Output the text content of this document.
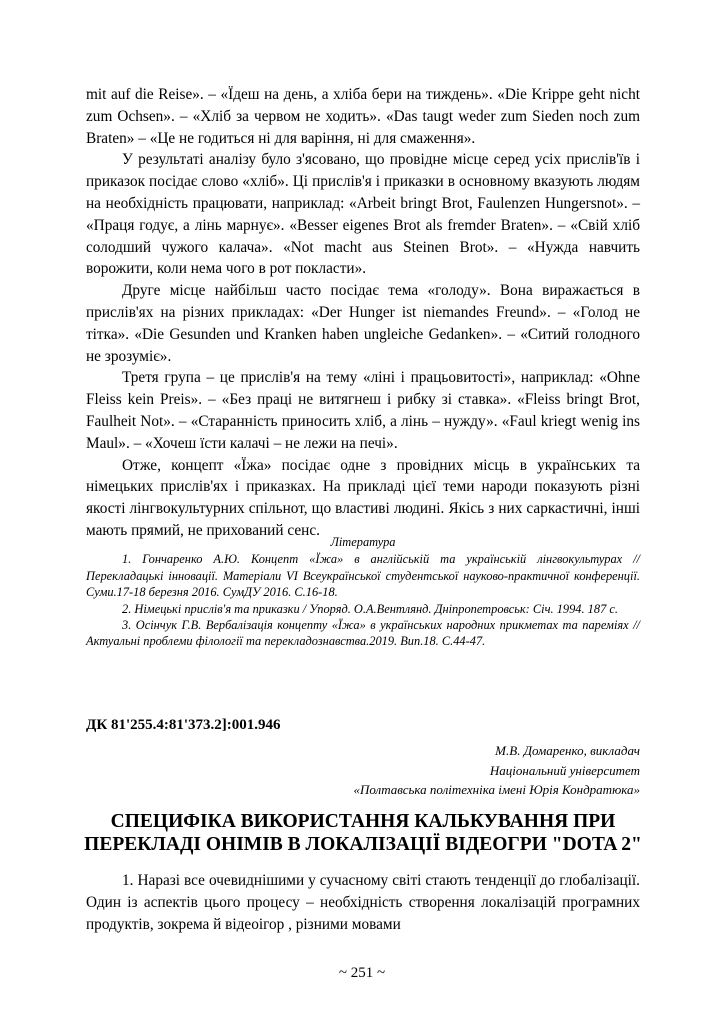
mit auf die Reise». – «Їдеш на день, а хліба бери на тиждень». «Die Krippe geht nicht zum Ochsen». – «Хліб за червом не ходить». «Das taugt weder zum Sieden noch zum Braten» – «Це не годиться ні для варіння, ні для смаження».

У результаті аналізу було з'ясовано, що провідне місце серед усіх прислів'їв і приказок посідає слово «хліб». Ці прислів'я і приказки в основному вказують людям на необхідність працювати, наприклад: «Arbeit bringt Brot, Faulenzen Hungersnot». – «Праця годує, а лінь марнує». «Besser eigenes Brot als fremder Braten». – «Свій хліб солодший чужого калача». «Not macht aus Steinen Brot». – «Нужда навчить ворожити, коли нема чого в рот покласти».

Друге місце найбільш часто посідає тема «голоду». Вона виражається в прислів'ях на різних прикладах: «Der Hunger ist niemandes Freund». – «Голод не тітка». «Die Gesunden und Kranken haben ungleiche Gedanken». – «Ситий голодного не зрозуміє».

Третя група – це прислів'я на тему «ліні і працьовитості», наприклад: «Ohne Fleiss kein Preis». – «Без праці не витягнеш і рибку зі ставка». «Fleiss bringt Brot, Faulheit Not». – «Старанність приносить хліб, а лінь – нужду». «Faul kriegt wenig ins Maul». – «Хочеш їсти калачі – не лежи на печі».

Отже, концепт «Їжа» посідає одне з провідних місць в українських та німецьких прислів'ях і приказках. На прикладі цієї теми народи показують різні якості лінгвокультурних спільнот, що властиві людині. Якісь з них саркастичні, інші мають прямий, не прихований сенс.

Література

1. Гончаренко А.Ю. Концепт «Їжа» в англійській та українській лінгвокультурах // Перекладацькі інновації. Матеріали VI Всеукраїнської студентської науково-практичної конференції. Суми.17-18 березня 2016. СумДУ 2016. С.16-18.

2. Німецькі прислів'я та приказки / Упоряд. О.А.Вентлянд. Дніпропетровськ: Січ. 1994. 187 с.

3. Осінчук Г.В. Вербалізація концепту «Їжа» в українських народних прикметах та пареміях // Актуальні проблеми філології та перекладознавства.2019. Вип.18. С.44-47.

ДК 81'255.4:81'373.2]:001.946
М.В. Домаренко, викладач
Національний університет
«Полтавська політехніка імені Юрія Кондратюка»
СПЕЦИФІКА ВИКОРИСТАННЯ КАЛЬКУВАННЯ ПРИ
ПЕРЕКЛАДІ ОНІМІВ В ЛОКАЛІЗАЦІЇ ВІДЕОГРИ "DOTA 2"

1. Наразі все очевиднішими у сучасному світі стають тенденції до глобалізації. Один із аспектів цього процесу – необхідність створення локалізацій програмних продуктів, зокрема й відеоігор , різними мовами

~ 251 ~
